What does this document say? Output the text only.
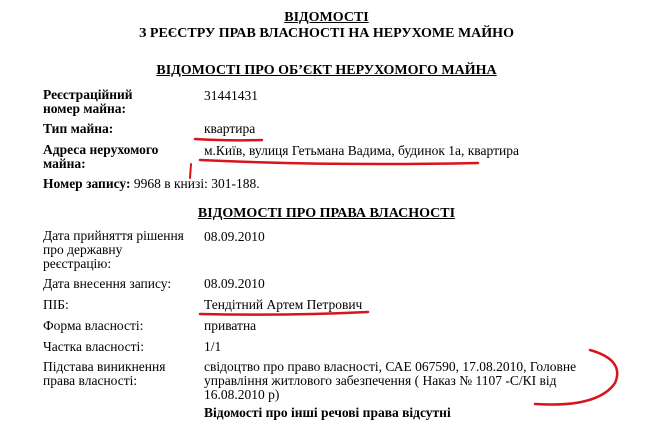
ВІДОМОСТІ
З РЕЄСТРУ ПРАВ ВЛАСНОСТІ НА НЕРУХОМЕ МАЙНО
ВІДОМОСТІ ПРО ОБ’ЄКТ НЕРУХОМОГО МАЙНА
Реєстраційний номер майна:
31441431
Тип майна:	квартира
Адреса нерухомого майна:
м.Київ, вулиця Гетьмана Вадима, будинок 1а, квартира
Номер запису: 9968 в книзі: 301-188.
ВІДОМОСТІ ПРО ПРАВА ВЛАСНОСТІ
Дата прийняття рішення про державну реєстрацію:
08.09.2010
Дата внесення запису: 08.09.2010
ПІБ:	Тендітний Артем Петрович
Форма власності:	приватна
Частка власності:	1/1
Підстава виникнення права власності:
свідоцтво про право власності, САЕ 067590, 17.08.2010, Головне управління житлового забезпечення ( Наказ № 1107 -С/КІ від 16.08.2010 р)
Відомості про інші речові права відсутні
